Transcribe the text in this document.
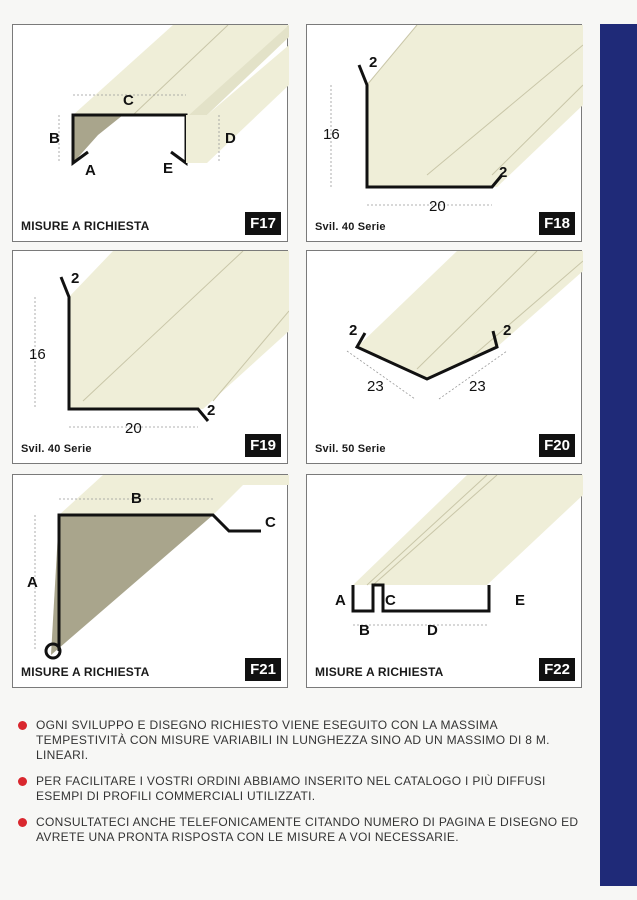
C
B	D
A	E
MISURE A RICHIESTA	F17
2
16
20
2
Svil. 40 Serie	F18
2
16
20
2
Svil. 40 Serie	F19
2	2
23	23
Svil. 50 Serie	F20
B
A
C
MISURE A RICHIESTA	F21
A	C
B	D
E
MISURE A RICHIESTA	F22
OGNI SVILUPPO E DISEGNO RICHIESTO VIENE ESEGUITO CON LA MASSIMA TEMPESTIVITÀ CON MISURE VARIABILI IN LUNGHEZZA SINO AD UN MASSIMO DI 8 M. LINEARI.
PER FACILITARE I VOSTRI ORDINI ABBIAMO INSERITO NEL CATALOGO I PIÙ DIFFUSI ESEMPI DI PROFILI COMMERCIALI UTILIZZATI.
CONSULTATECI ANCHE TELEFONICAMENTE CITANDO NUMERO DI PAGINA E DISEGNO ED AVRETE UNA PRONTA RISPOSTA CON LE MISURE A VOI NECESSARIE.
